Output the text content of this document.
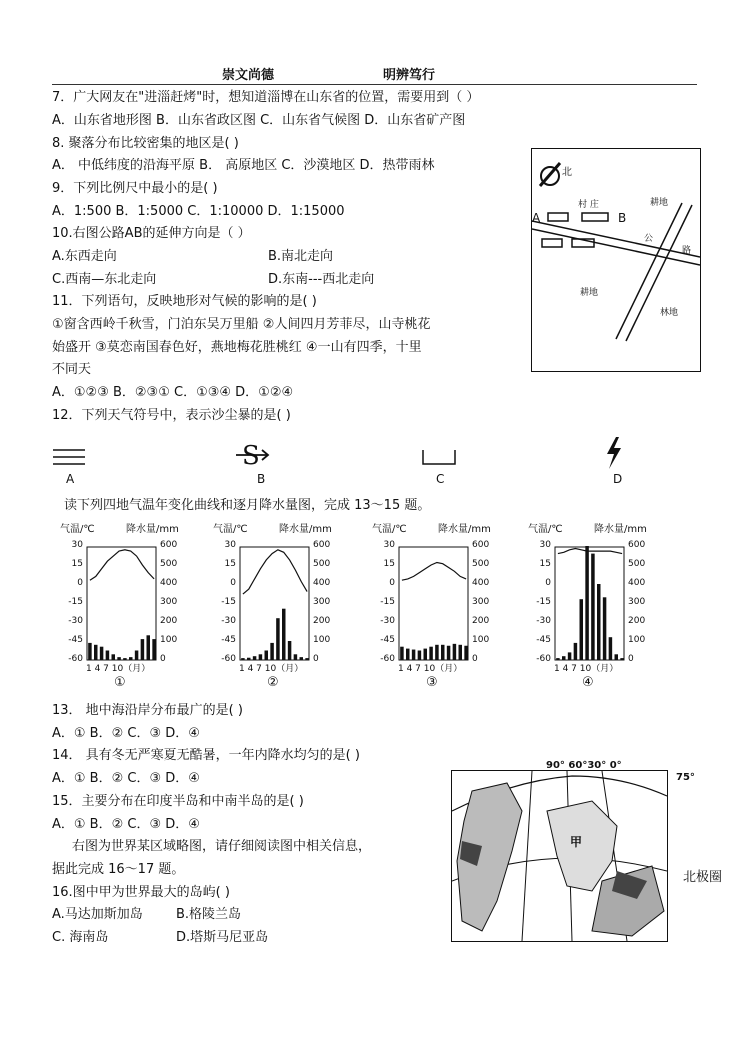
崇文尚德	明辨笃行
7．广大网友在"进淄赶烤"时，想知道淄博在山东省的位置，需要用到（ ）
A．山东省地形图 B．山东省政区图 C．山东省气候图 D．山东省矿产图
8. 聚落分布比较密集的地区是( )
A． 中低纬度的沿海平原 B． 高原地区 C．沙漠地区 D．热带雨林
9．下列比例尺中最小的是( )
A．1:500 B．1:5000 C．1:10000 D．1:15000
10.右图公路AB的延伸方向是（ ）
A.东西走向	B.南北走向
C.西南—东北走向	D.东南---西北走向
11．下列语句，反映地形对气候的影响的是( )
①窗含西岭千秋雪，门泊东吴万里船 ②人间四月芳菲尽，山寺桃花
始盛开 ③莫恋南国春色好，燕地梅花胜桃红 ④一山有四季，十里
不同天
A．①②③ B．②③① C．①③④ D．①②④
12．下列天气符号中，表示沙尘暴的是( )
北
A	B
村 庄	耕地
公
路
耕地
林地
S
A	B	C	D
读下列四地气温年变化曲线和逐月降水量图，完成 13～15 题。
气温/℃	降水量/mm
30
15
0
-15
-30
-45
-60
600
500
400
300
200
100
0
1 4 7 10（月）
①
气温/℃	降水量/mm
30
15
0
-15
-30
-45
-60
600
500
400
300
200
100
0
1 4 7 10（月）
②
气温/℃	降水量/mm
30
15
0
-15
-30
-45
-60
600
500
400
300
200
100
0
1 4 7 10（月）
③
气温/℃	降水量/mm
30
15
0
-15
-30
-45
-60
600
500
400
300
200
100
0
1 4 7 10（月）
④
13． 地中海沿岸分布最广的是( )
A．① B．② C．③ D．④
14． 具有冬无严寒夏无酷暑，一年内降水均匀的是( )
A．① B．② C．③ D．④
15．主要分布在印度半岛和中南半岛的是( )
A．① B．② C．③ D．④
右图为世界某区域略图，请仔细阅读图中相关信息，
据此完成 16～17 题。
16.图中甲为世界最大的岛屿( )
A.马达加斯加岛	B.格陵兰岛
C. 海南岛	D.塔斯马尼亚岛
甲
90° 60°30° 0°
75°
北极圈
